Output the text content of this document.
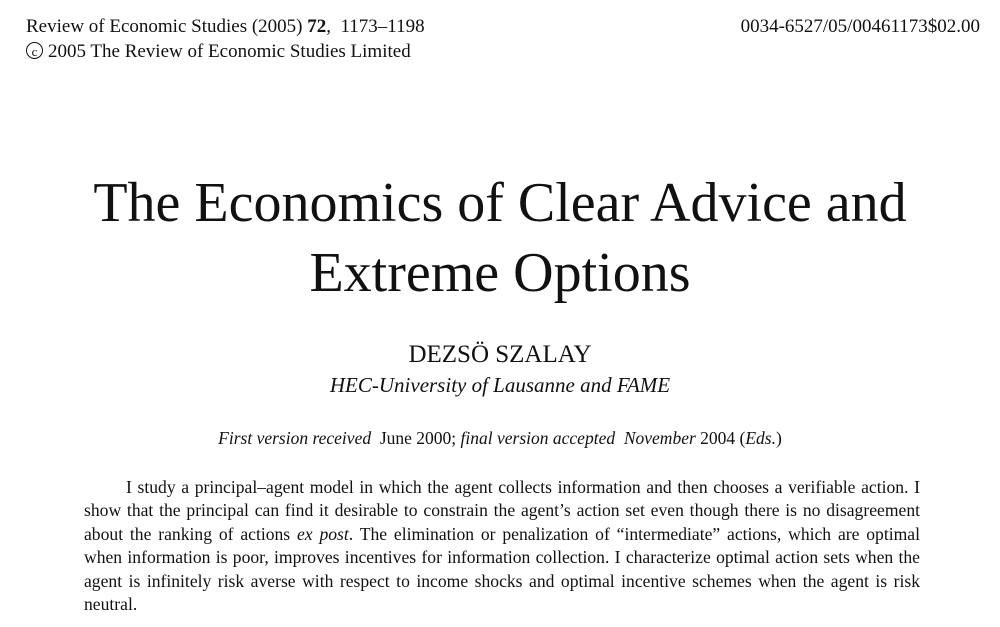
Review of Economic Studies (2005) 72,  1173–1198
c 2005 The Review of Economic Studies Limited
0034-6527/05/00461173$02.00
The Economics of Clear Advice and
Extreme Options
DEZSÖ SZALAY
HEC-University of Lausanne and FAME
First version received June 2000; final version accepted November 2004 (Eds.)

I study a principal–agent model in which the agent collects information and then chooses a verifiable action. I show that the principal can find it desirable to constrain the agent’s action set even though there is no disagreement about the ranking of actions ex post. The elimination or penalization of “intermediate” actions, which are optimal when information is poor, improves incentives for information collection. I characterize optimal action sets when the agent is infinitely risk averse with respect to income shocks and optimal incentive schemes when the agent is risk neutral.
